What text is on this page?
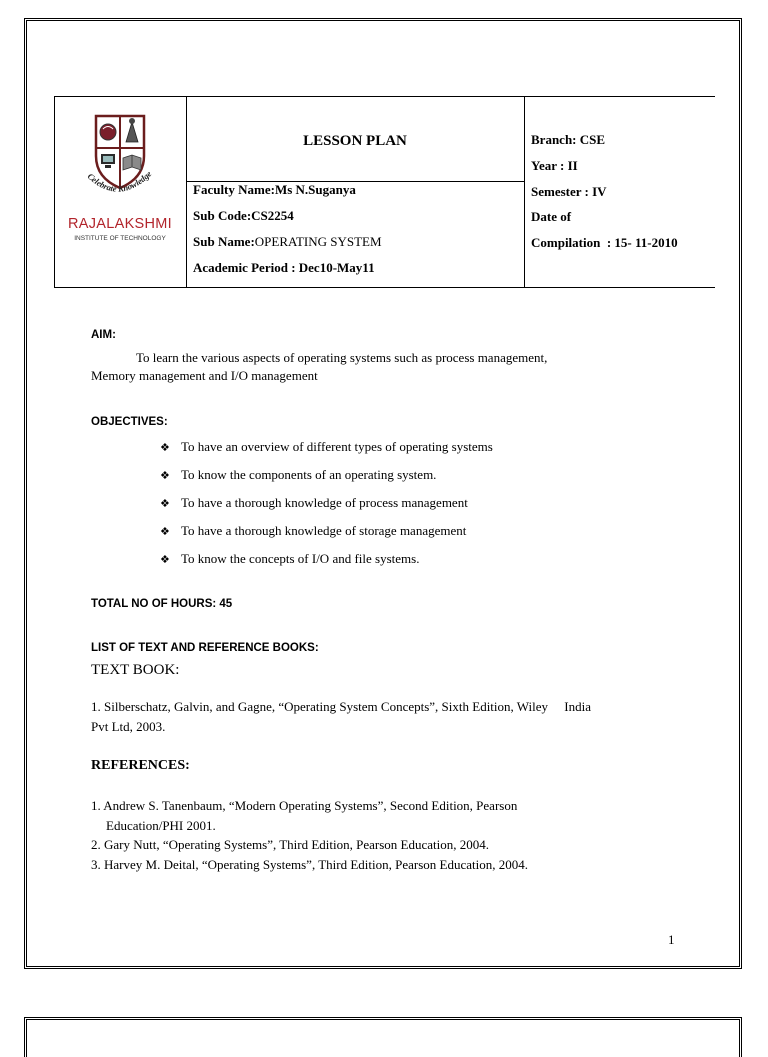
Celebrate Knowledge
RAJALAKSHMI
INSTITUTE OF TECHNOLOGY
LESSON PLAN
Faculty Name:Ms N.Suganya
Sub Code:CS2254
Sub Name:OPERATING SYSTEM
Academic Period : Dec10-May11
Branch: CSE
Year : II
Semester : IV
Date of
Compilation  : 15- 11-2010
AIM:
To learn the various aspects of operating systems such as process management,
Memory management and I/O management
OBJECTIVES:
❖ To have an overview of different types of operating systems
❖ To know the components of an operating system.
❖ To have a thorough knowledge of process management
❖ To have a thorough knowledge of storage management
❖ To know the concepts of I/O and file systems.
TOTAL NO OF HOURS: 45
LIST OF TEXT AND REFERENCE BOOKS:
TEXT BOOK:
1. Silberschatz, Galvin, and Gagne, “Operating System Concepts”, Sixth Edition, Wiley     India
Pvt Ltd, 2003.
REFERENCES:
1. Andrew S. Tanenbaum, “Modern Operating Systems”, Second Edition, Pearson
Education/PHI 2001.
2. Gary Nutt, “Operating Systems”, Third Edition, Pearson Education, 2004.
3. Harvey M. Deital, “Operating Systems”, Third Edition, Pearson Education, 2004.
1
